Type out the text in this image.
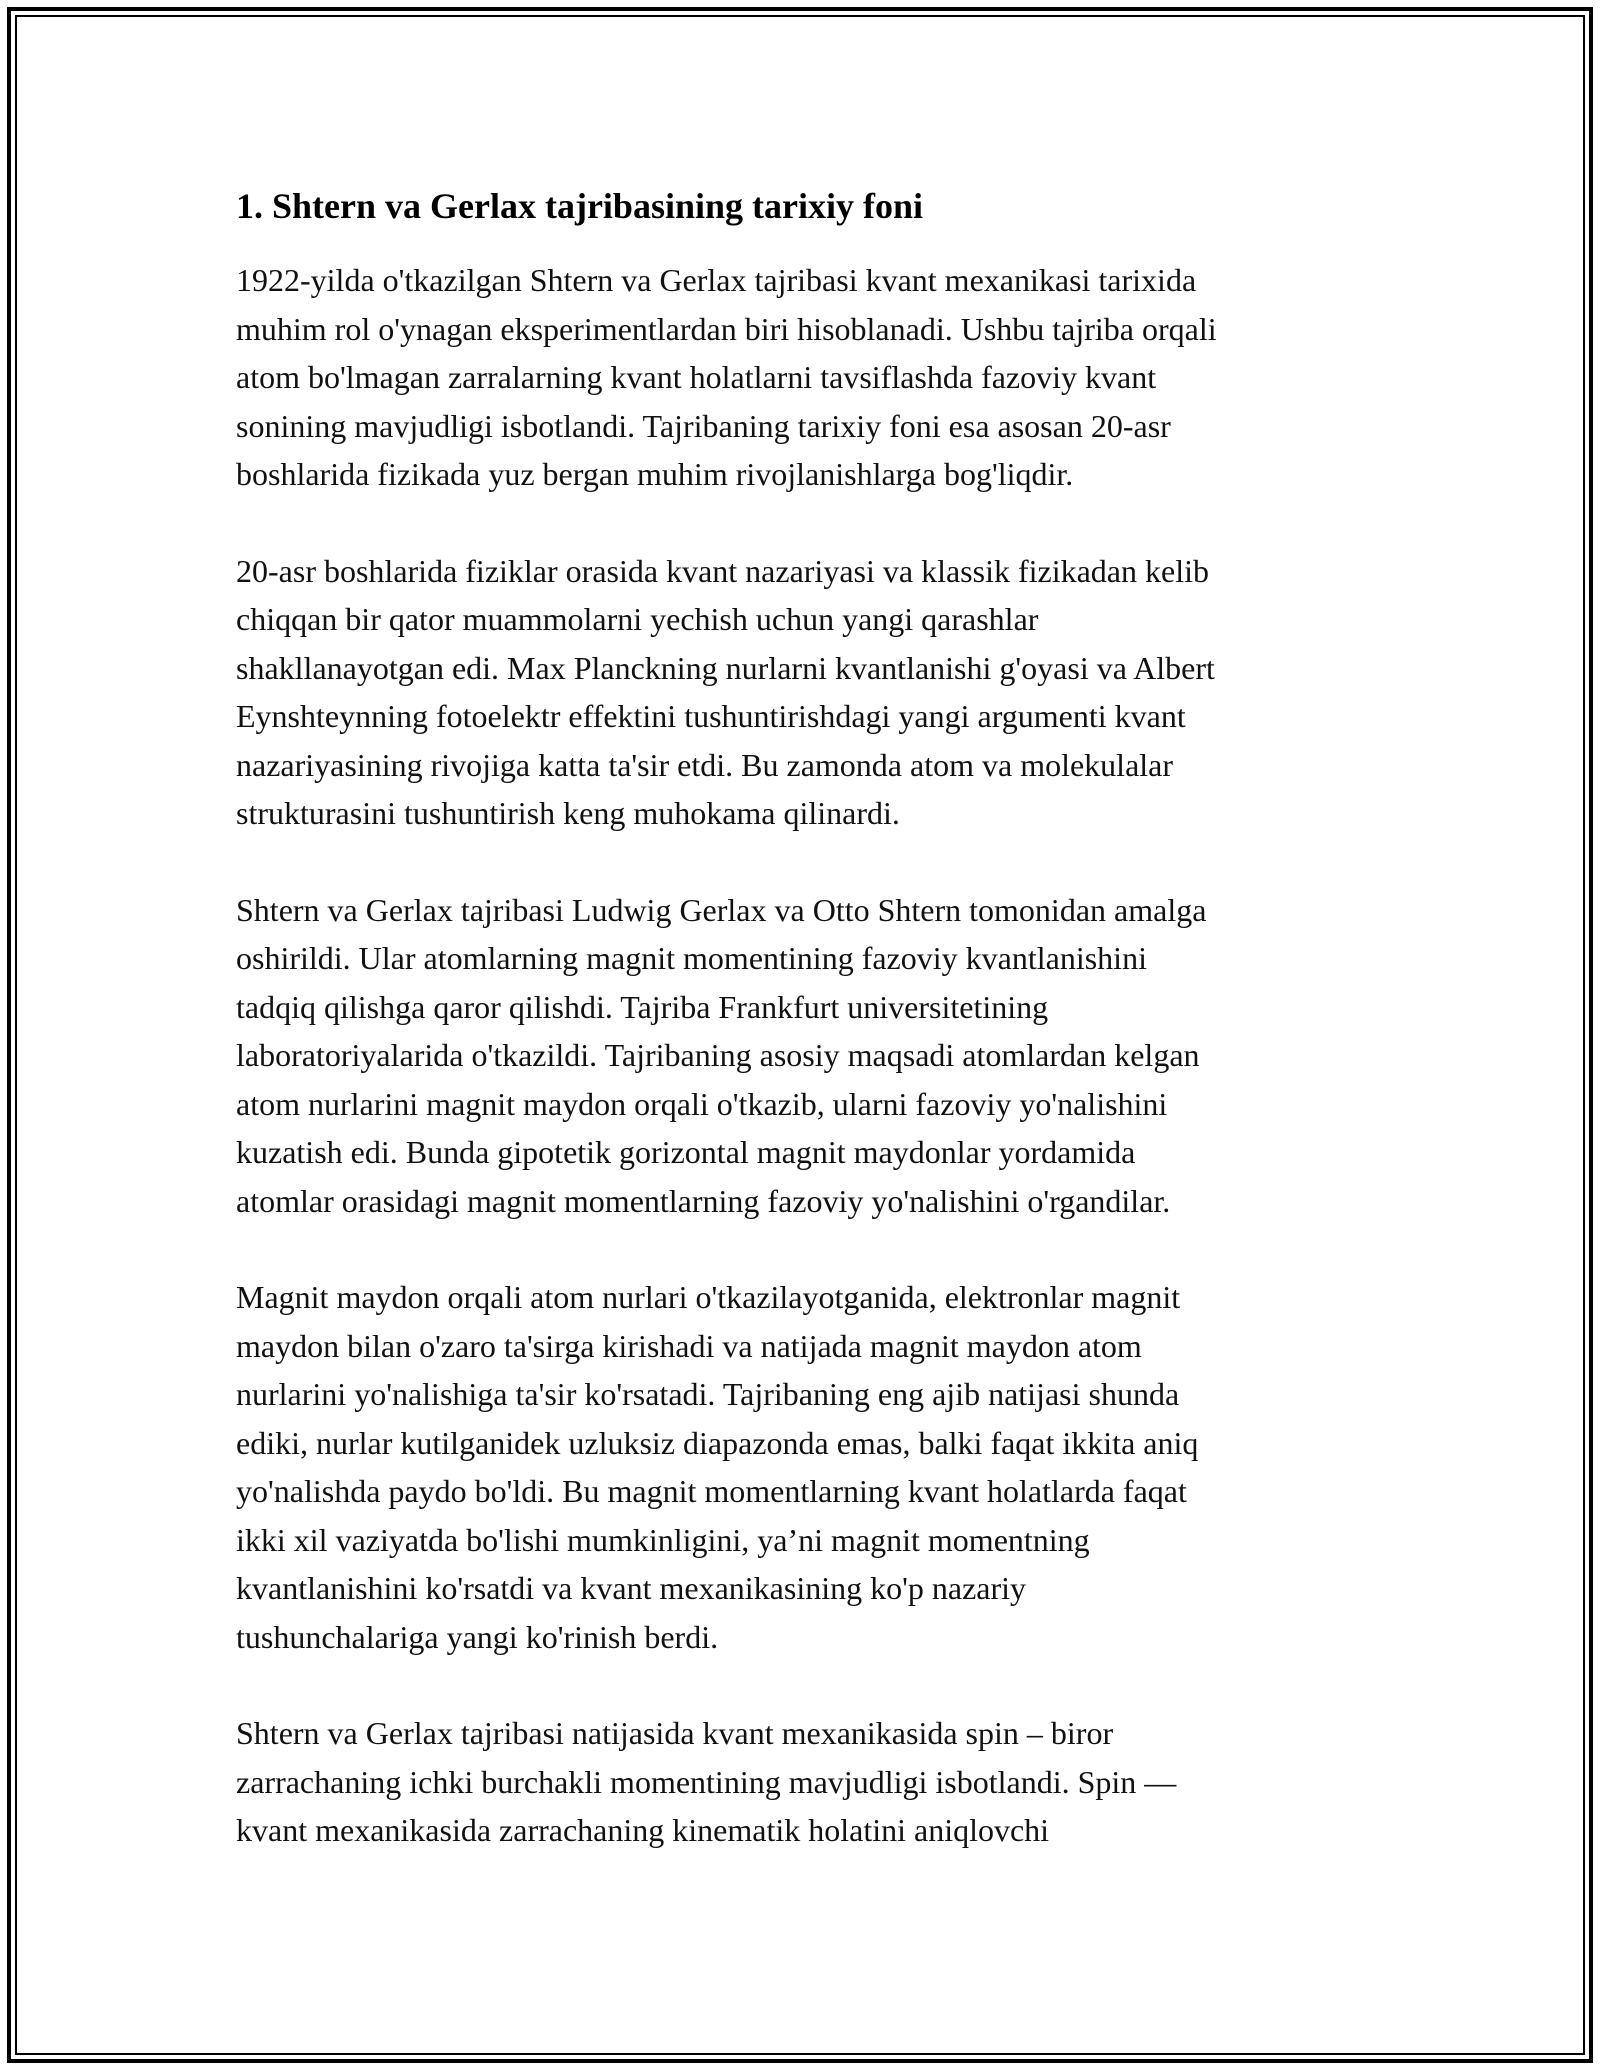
1. Shtern va Gerlax tajribasining tarixiy foni

1922-yilda o'tkazilgan Shtern va Gerlax tajribasi kvant mexanikasi tarixida
muhim rol o'ynagan eksperimentlardan biri hisoblanadi. Ushbu tajriba orqali
atom bo'lmagan zarralarning kvant holatlarni tavsiflashda fazoviy kvant
sonining mavjudligi isbotlandi. Tajribaning tarixiy foni esa asosan 20-asr
boshlarida fizikada yuz bergan muhim rivojlanishlarga bog'liqdir.

20-asr boshlarida fiziklar orasida kvant nazariyasi va klassik fizikadan kelib
chiqqan bir qator muammolarni yechish uchun yangi qarashlar
shakllanayotgan edi. Max Planckning nurlarni kvantlanishi g'oyasi va Albert
Eynshteynning fotoelektr effektini tushuntirishdagi yangi argumenti kvant
nazariyasining rivojiga katta ta'sir etdi. Bu zamonda atom va molekulalar
strukturasini tushuntirish keng muhokama qilinardi.

Shtern va Gerlax tajribasi Ludwig Gerlax va Otto Shtern tomonidan amalga
oshirildi. Ular atomlarning magnit momentining fazoviy kvantlanishini
tadqiq qilishga qaror qilishdi. Tajriba Frankfurt universitetining
laboratoriyalarida o'tkazildi. Tajribaning asosiy maqsadi atomlardan kelgan
atom nurlarini magnit maydon orqali o'tkazib, ularni fazoviy yo'nalishini
kuzatish edi. Bunda gipotetik gorizontal magnit maydonlar yordamida
atomlar orasidagi magnit momentlarning fazoviy yo'nalishini o'rgandilar.

Magnit maydon orqali atom nurlari o'tkazilayotganida, elektronlar magnit
maydon bilan o'zaro ta'sirga kirishadi va natijada magnit maydon atom
nurlarini yo'nalishiga ta'sir ko'rsatadi. Tajribaning eng ajib natijasi shunda
ediki, nurlar kutilganidek uzluksiz diapazonda emas, balki faqat ikkita aniq
yo'nalishda paydo bo'ldi. Bu magnit momentlarning kvant holatlarda faqat
ikki xil vaziyatda bo'lishi mumkinligini, ya’ni magnit momentning
kvantlanishini ko'rsatdi va kvant mexanikasining ko'p nazariy
tushunchalariga yangi ko'rinish berdi.

Shtern va Gerlax tajribasi natijasida kvant mexanikasida spin – biror
zarrachaning ichki burchakli momentining mavjudligi isbotlandi. Spin —
kvant mexanikasida zarrachaning kinematik holatini aniqlovchi
